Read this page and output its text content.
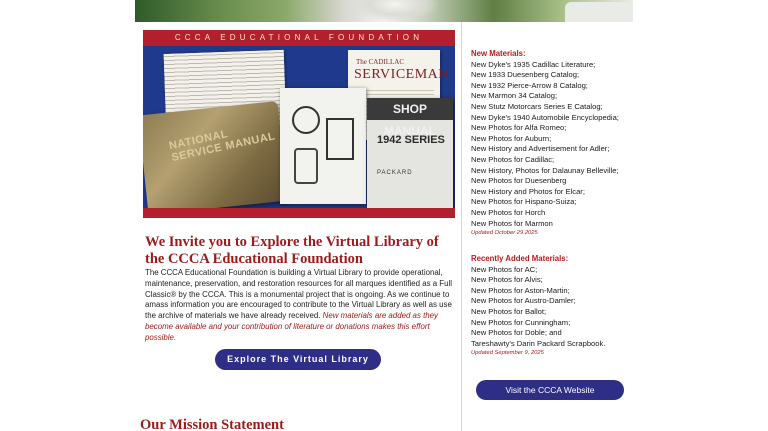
CCCA EDUCATIONAL FOUNDATION
The CADILLAC
SERVICEMAN
NATIONAL SERVICE MANUAL
SHOP MANUAL
1942 SERIES
PACKARD
We Invite you to Explore the Virtual Library of the CCCA Educational Foundation

The CCCA Educational Foundation is building a Virtual Library to provide operational, maintenance, preservation, and restoration resources for all marques identified as a Full Classic® by the CCCA. This is a monumental project that is ongoing. As we continue to amass information you are encouraged to contribute to the Virtual Library as well as use the archive of materials we have already received. New materials are added as they become available and your contribution of literature or donations makes this effort possible.

Explore The Virtual Library
Our Mission Statement
New Materials:
New Dyke's 1935 Cadillac Literature;
New 1933 Duesenberg Catalog;
New 1932 Pierce-Arrow 8 Catalog;
New Marmon 34 Catalog;
New Stutz Motorcars Series E Catalog;
New Dyke's 1940 Automobile Encyclopedia;
New Photos for Alfa Romeo;
New Photos for Auburn;
New History and Advertisement for Adler;
New Photos for Cadillac;
New History, Photos for Dalaunay Belleville;
New Photos for Duesenberg
New History and Photos for Elcar;
New Photos for Hispano-Suiza;
New Photos for Horch
New Photos for Marmon
Updated October 29 2025
Recently Added Materials:
New Photos for AC;
New Photos for Alvis;
New Photos for Aston-Martin;
New Photos for Austro-Damler;
New Photos for Ballot;
New Photos for Cunningham;
New Photos for Doble; and
Tareshawty's Darin Packard Scrapbook.
Updated September 9, 2025
Visit the CCCA Website
